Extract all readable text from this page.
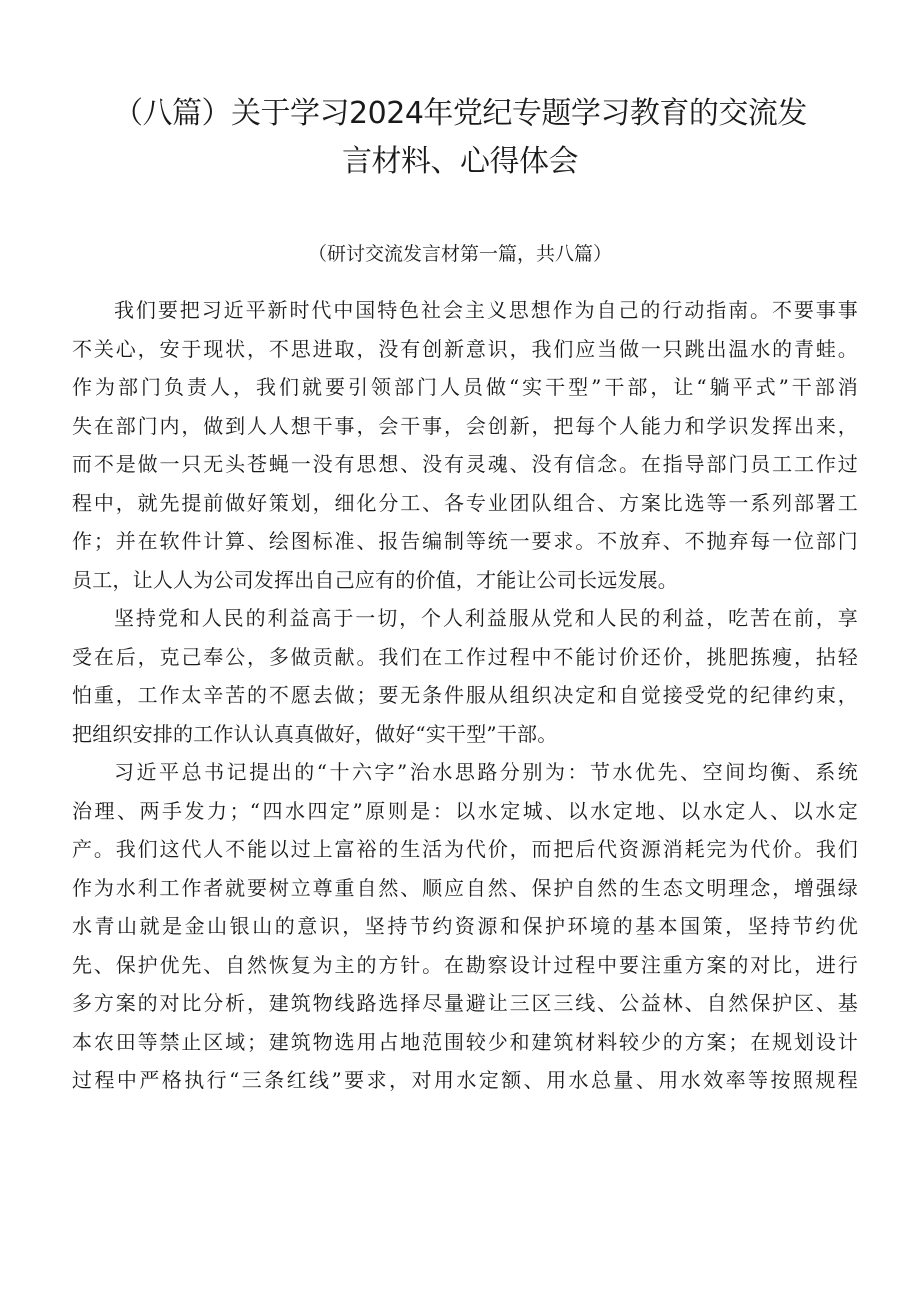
（八篇）关于学习2024年党纪专题学习教育的交流发
言材料、心得体会

（研讨交流发言材第一篇，共八篇）

我们要把习近平新时代中国特色社会主义思想作为自己的行动指南。不要事事
不关心，安于现状，不思进取，没有创新意识，我们应当做一只跳出温水的青蛙。
作为部门负责人，我们就要引领部门人员做“实干型”干部，让“躺平式”干部消
失在部门内，做到人人想干事，会干事，会创新，把每个人能力和学识发挥出来，
而不是做一只无头苍蝇一没有思想、没有灵魂、没有信念。在指导部门员工工作过
程中，就先提前做好策划，细化分工、各专业团队组合、方案比选等一系列部署工
作；并在软件计算、绘图标准、报告编制等统一要求。不放弃、不抛弃每一位部门
员工，让人人为公司发挥出自己应有的价值，才能让公司长远发展。

坚持党和人民的利益高于一切，个人利益服从党和人民的利益，吃苦在前，享
受在后，克己奉公，多做贡献。我们在工作过程中不能讨价还价，挑肥拣瘦，拈轻
怕重，工作太辛苦的不愿去做；要无条件服从组织决定和自觉接受党的纪律约束，
把组织安排的工作认认真真做好，做好“实干型”干部。

习近平总书记提出的“十六字”治水思路分别为：节水优先、空间均衡、系统
治理、两手发力；“四水四定”原则是：以水定城、以水定地、以水定人、以水定
产。我们这代人不能以过上富裕的生活为代价，而把后代资源消耗完为代价。我们
作为水利工作者就要树立尊重自然、顺应自然、保护自然的生态文明理念，增强绿
水青山就是金山银山的意识，坚持节约资源和保护环境的基本国策，坚持节约优
先、保护优先、自然恢复为主的方针。在勘察设计过程中要注重方案的对比，进行
多方案的对比分析，建筑物线路选择尽量避让三区三线、公益林、自然保护区、基
本农田等禁止区域；建筑物选用占地范围较少和建筑材料较少的方案；在规划设计
过程中严格执行“三条红线”要求，对用水定额、用水总量、用水效率等按照规程
